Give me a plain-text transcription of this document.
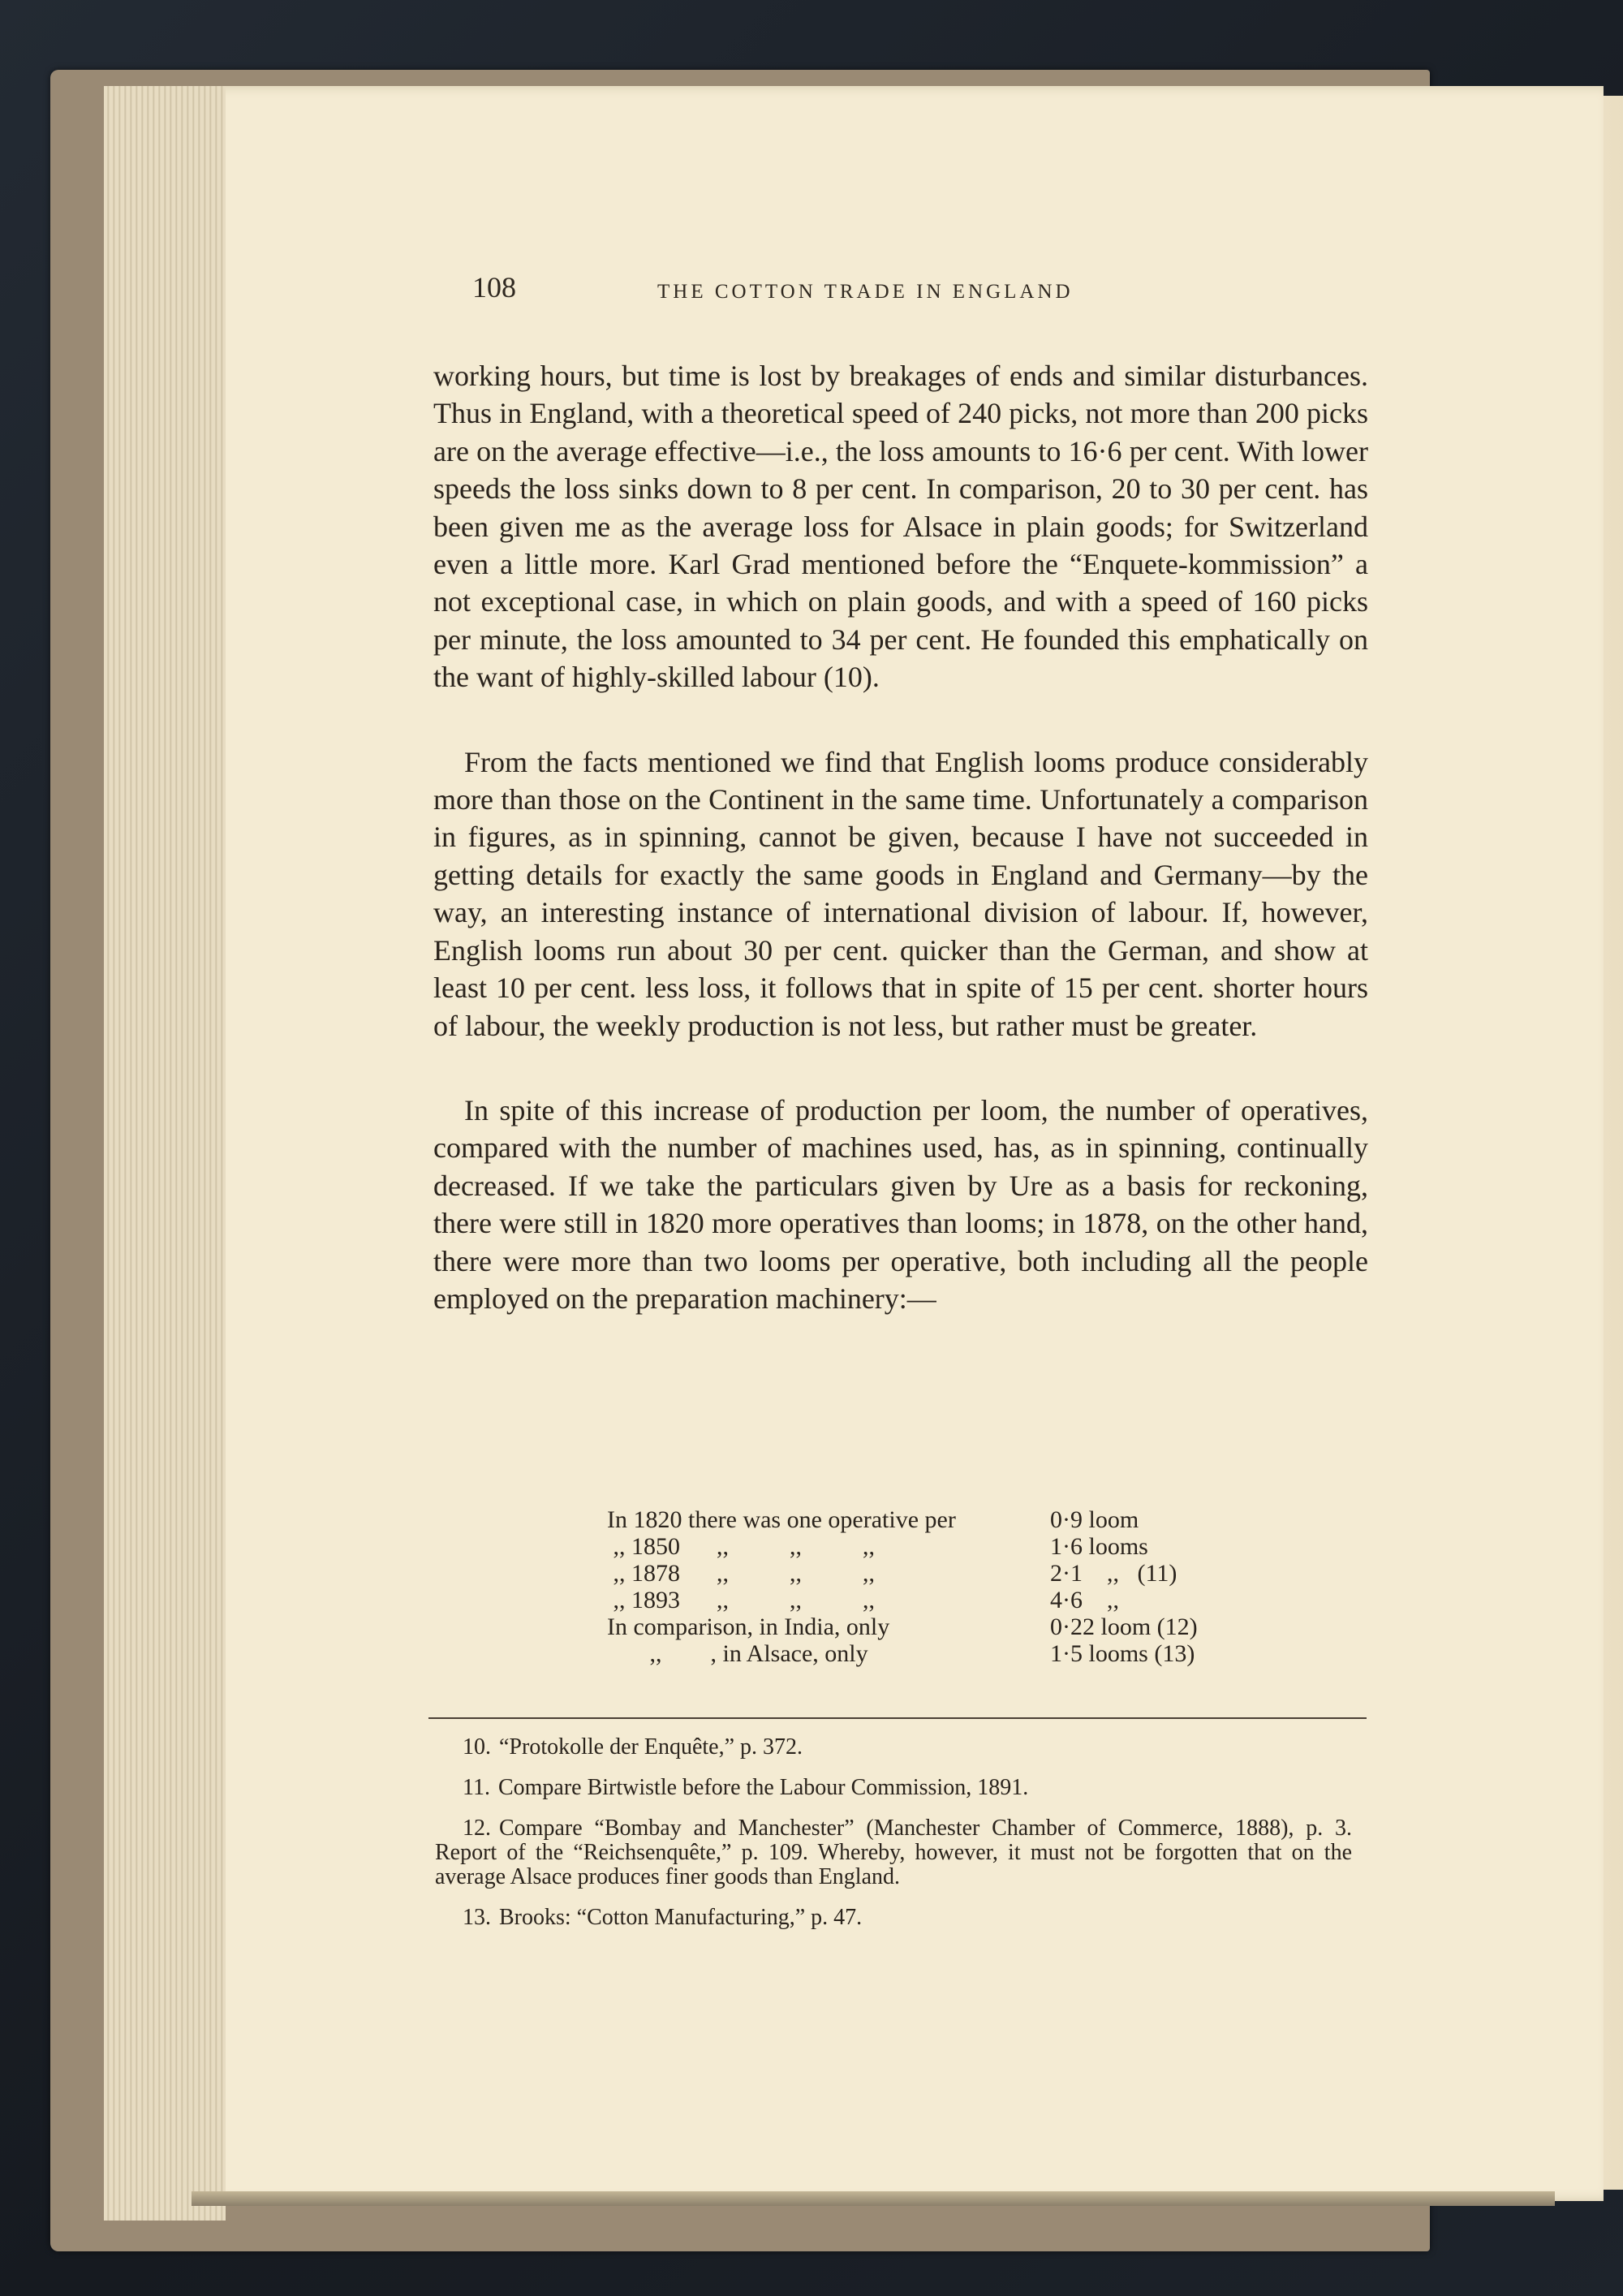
108	THE COTTON TRADE IN ENGLAND

working hours, but time is lost by breakages of ends and similar disturbances. Thus in England, with a theoretical speed of 240 picks, not more than 200 picks are on the average effective—i.e., the loss amounts to 16·6 per cent. With lower speeds the loss sinks down to 8 per cent. In comparison, 20 to 30 per cent. has been given me as the average loss for Alsace in plain goods; for Switzerland even a little more. Karl Grad mentioned before the “Enquete-kommission” a not exceptional case, in which on plain goods, and with a speed of 160 picks per minute, the loss amounted to 34 per cent. He founded this emphatically on the want of highly-skilled labour (10).

From the facts mentioned we find that English looms produce considerably more than those on the Continent in the same time. Unfortunately a comparison in figures, as in spinning, cannot be given, because I have not succeeded in getting details for exactly the same goods in England and Germany—by the way, an interesting instance of international division of labour. If, however, English looms run about 30 per cent. quicker than the German, and show at least 10 per cent. less loss, it follows that in spite of 15 per cent. shorter hours of labour, the weekly production is not less, but rather must be greater.

In spite of this increase of production per loom, the number of operatives, compared with the number of machines used, has, as in spinning, continually decreased. If we take the particulars given by Ure as a basis for reckoning, there were still in 1820 more operatives than looms; in 1878, on the other hand, there were more than two looms per operative, both including all the people employed on the preparation machinery:—

In 1820 there was one operative per	0·9 loom
,, 1850      ,,          ,,          ,,	1·6 looms
,, 1878      ,,          ,,          ,,	2·1    ,,   (11)
,, 1893      ,,          ,,          ,,	4·6    ,,
In comparison, in India, only	0·22 loom (12)
,,        , in Alsace, only	1·5 looms (13)

10. “Protokolle der Enquête,” p. 372.

11. Compare Birtwistle before the Labour Commission, 1891.

12. Compare “Bombay and Manchester” (Manchester Chamber of Commerce, 1888), p. 3. Report of the “Reichsenquête,” p. 109. Whereby, however, it must not be forgotten that on the average Alsace produces finer goods than England.

13. Brooks: “Cotton Manufacturing,” p. 47.
